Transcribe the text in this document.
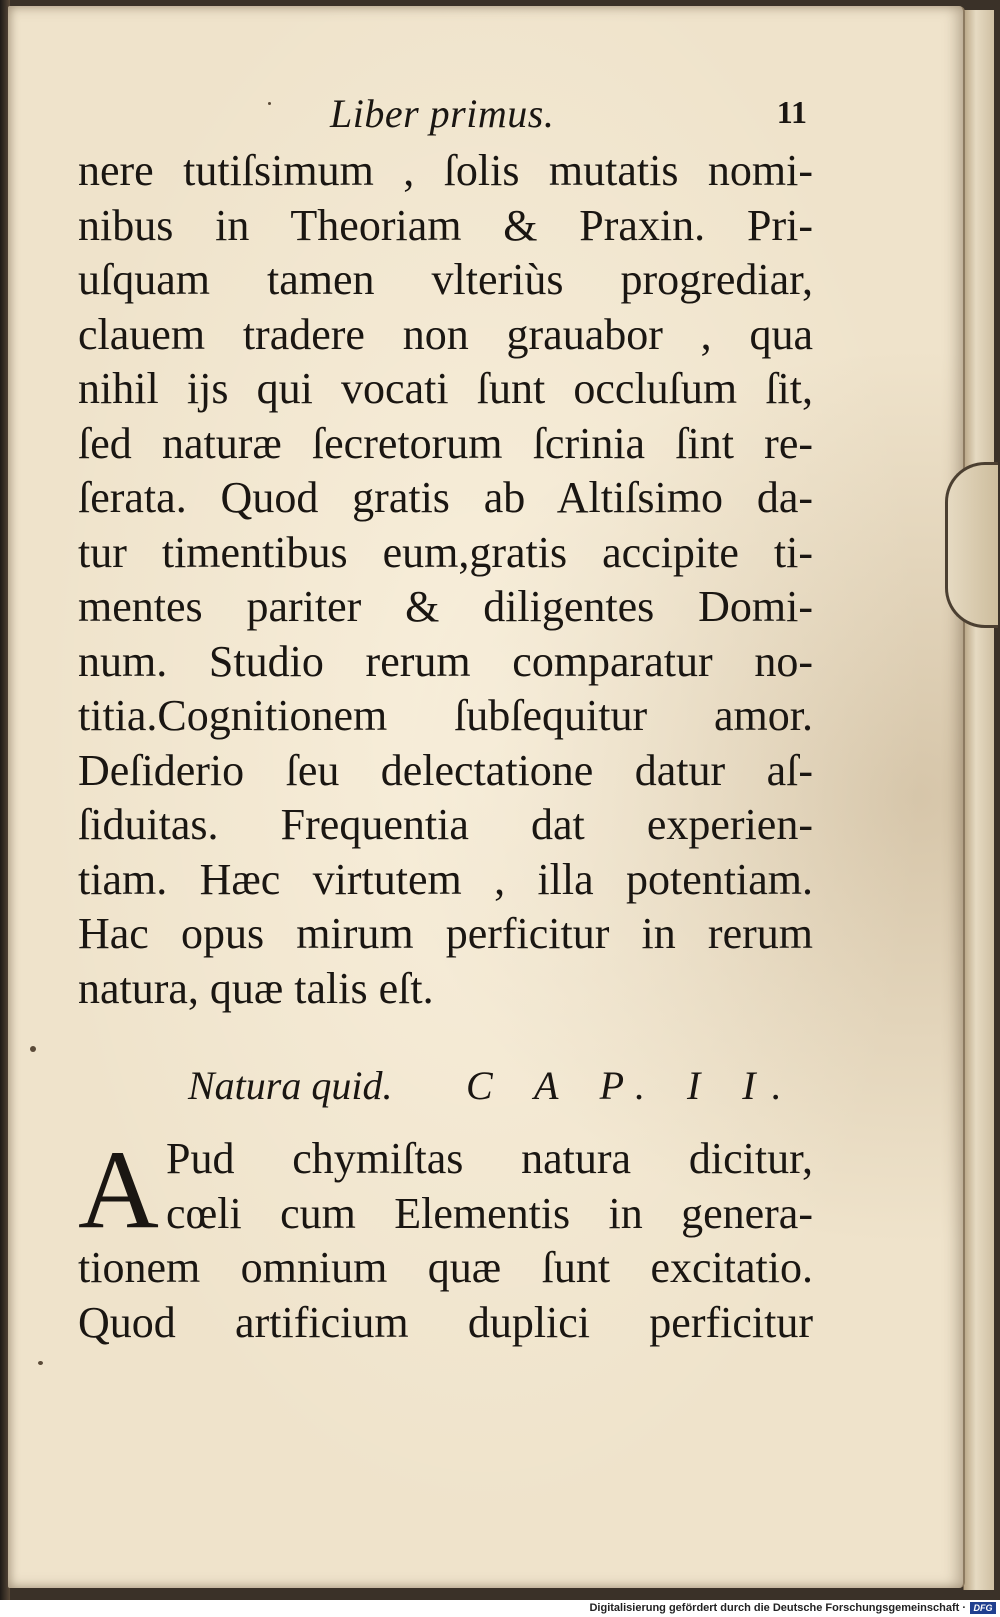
Liber primus.	11
nere tutiſsimum , ſolis mutatis nomi-
nibus in Theoriam & Praxin. Pri-
uſquam tamen vlteriùs progrediar,
clauem tradere non grauabor , qua
nihil ijs qui vocati ſunt occluſum ſit,
ſed naturæ ſecretorum ſcrinia ſint re-
ſerata. Quod gratis ab Altiſsimo da-
tur timentibus eum,gratis accipite ti-
mentes pariter & diligentes Domi-
num. Studio rerum comparatur no-
titia.Cognitionem ſubſequitur amor.
Deſiderio ſeu delectatione datur aſ-
ſiduitas. Frequentia dat experien-
tiam. Hæc virtutem , illa potentiam.
Hac opus mirum perficitur in rerum
natura, quæ talis eſt.
Natura quid. C A P. I I.
A Pud chymiſtas natura dicitur,
cœli cum Elementis in genera-
tionem omnium quæ ſunt excitatio.
Quod artificium duplici perficitur
Digitalisierung gefördert durch die Deutsche Forschungsgemeinschaft · DFG
